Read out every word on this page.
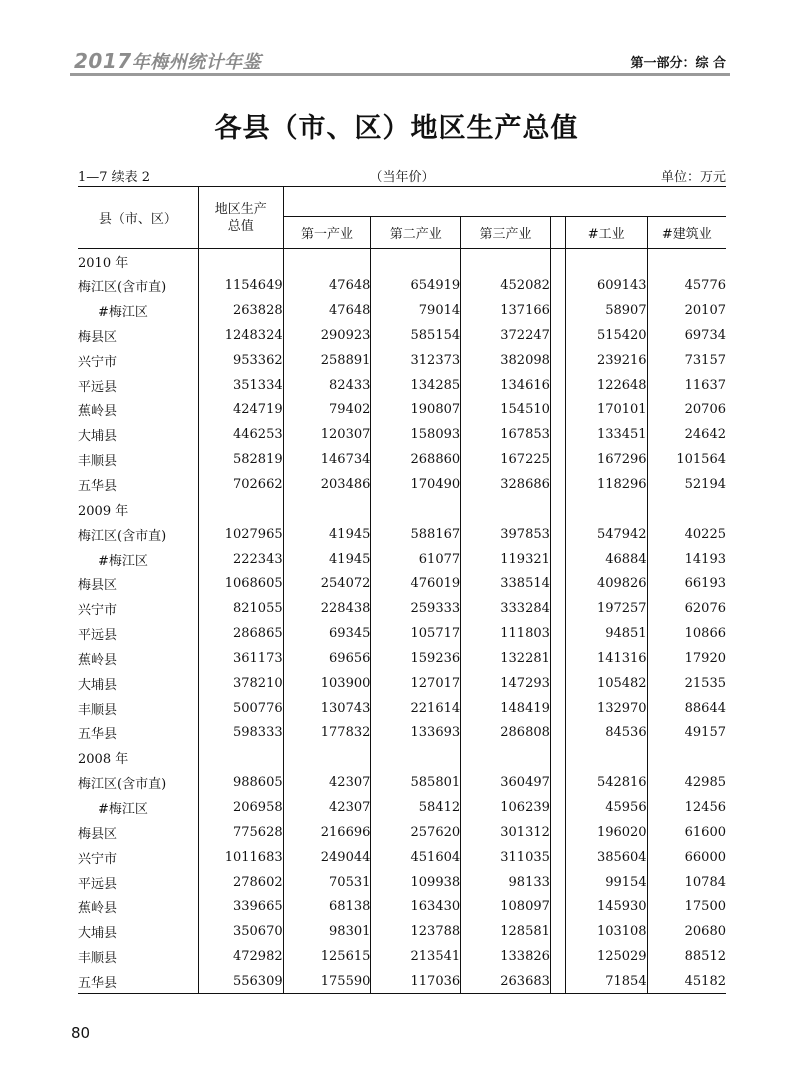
2017年梅州统计年鉴	第一部分：综 合
各县（市、区）地区生产总值
1—7 续表 2	（当年价）	单位：万元
县（市、区）	地区生产
总值						
		第一产业	第二产业	第三产业		#工业	#建筑业
2010 年							
梅江区(含市直)	1154649	47648	654919	452082		609143	45776
#梅江区	263828	47648	79014	137166		58907	20107
梅县区	1248324	290923	585154	372247		515420	69734
兴宁市	953362	258891	312373	382098		239216	73157
平远县	351334	82433	134285	134616		122648	11637
蕉岭县	424719	79402	190807	154510		170101	20706
大埔县	446253	120307	158093	167853		133451	24642
丰顺县	582819	146734	268860	167225		167296	101564
五华县	702662	203486	170490	328686		118296	52194
2009 年							
梅江区(含市直)	1027965	41945	588167	397853		547942	40225
#梅江区	222343	41945	61077	119321		46884	14193
梅县区	1068605	254072	476019	338514		409826	66193
兴宁市	821055	228438	259333	333284		197257	62076
平远县	286865	69345	105717	111803		94851	10866
蕉岭县	361173	69656	159236	132281		141316	17920
大埔县	378210	103900	127017	147293		105482	21535
丰顺县	500776	130743	221614	148419		132970	88644
五华县	598333	177832	133693	286808		84536	49157
2008 年							
梅江区(含市直)	988605	42307	585801	360497		542816	42985
#梅江区	206958	42307	58412	106239		45956	12456
梅县区	775628	216696	257620	301312		196020	61600
兴宁市	1011683	249044	451604	311035		385604	66000
平远县	278602	70531	109938	98133		99154	10784
蕉岭县	339665	68138	163430	108097		145930	17500
大埔县	350670	98301	123788	128581		103108	20680
丰顺县	472982	125615	213541	133826		125029	88512
五华县	556309	175590	117036	263683		71854	45182
80
